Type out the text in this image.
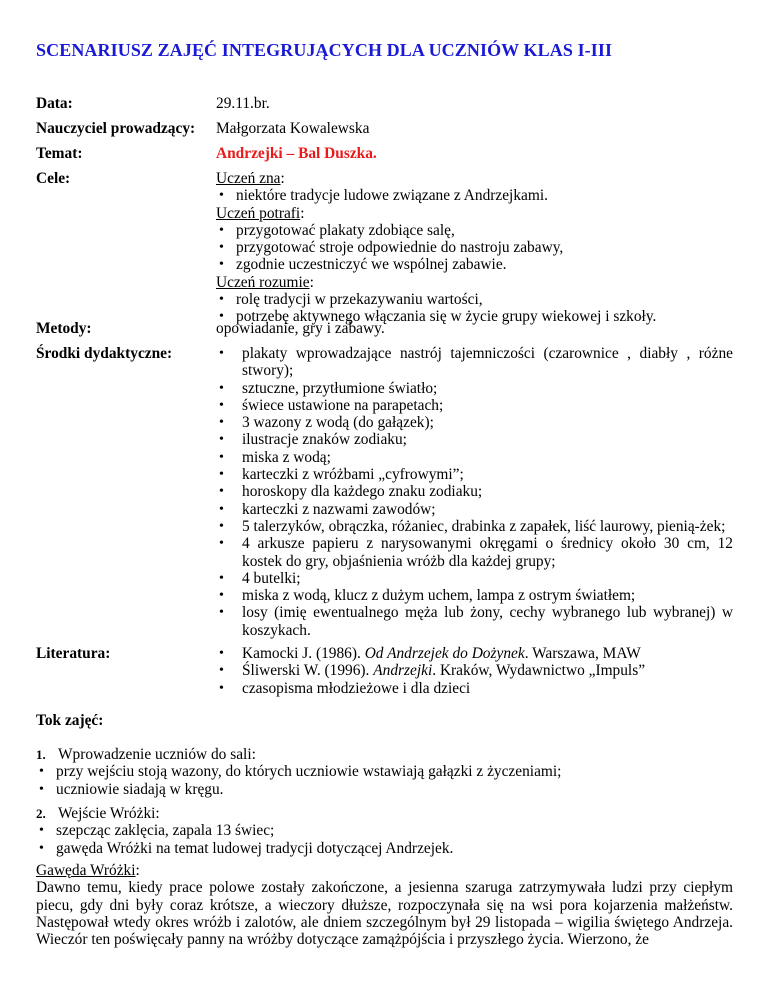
SCENARIUSZ ZAJĘĆ INTEGRUJĄCYCH DLA UCZNIÓW KLAS I-III
Data:	29.11.br.
Nauczyciel prowadzący:	Małgorzata Kowalewska
Temat:	Andrzejki – Bal Duszka.
Cele:	Uczeń zna:
• niektóre tradycje ludowe związane z Andrzejkami.
Uczeń potrafi:
• przygotować plakaty zdobiące salę,
• przygotować stroje odpowiednie do nastroju zabawy,
• zgodnie uczestniczyć we wspólnej zabawie.
Uczeń rozumie:
• rolę tradycji w przekazywaniu wartości,
• potrzebę aktywnego włączania się w życie grupy wiekowej i szkoły.
Metody:	opowiadanie, gry i zabawy.
Środki dydaktyczne:	• plakaty wprowadzające nastrój tajemniczości (czarownice , diabły , różne stwory);
• sztuczne, przytłumione światło;
• świece ustawione na parapetach;
• 3 wazony z wodą (do gałązek);
• ilustracje znaków zodiaku;
• miska z wodą;
• karteczki z wróżbami „cyfrowymi”;
• horoskopy dla każdego znaku zodiaku;
• karteczki z nazwami zawodów;
• 5 talerzyków, obrączka, różaniec, drabinka z zapałek, liść laurowy, pienią-żek;
• 4 arkusze papieru z narysowanymi okręgami o średnicy około 30 cm, 12 kostek do gry, objaśnienia wróżb dla każdej grupy;
• 4 butelki;
• miska z wodą, klucz z dużym uchem, lampa z ostrym światłem;
• losy (imię ewentualnego męża lub żony, cechy wybranego lub wybranej) w koszykach.
Literatura:	• Kamocki J. (1986). Od Andrzejek do Dożynek. Warszawa, MAW
• Śliwerski W. (1996). Andrzejki. Kraków, Wydawnictwo „Impuls”
• czasopisma młodzieżowe i dla dzieci
Tok zajęć:
1. Wprowadzenie uczniów do sali:
• przy wejściu stoją wazony, do których uczniowie wstawiają gałązki z życzeniami;
• uczniowie siadają w kręgu.
2. Wejście Wróżki:
• szepcząc zaklęcia, zapala 13 świec;
• gawęda Wróżki na temat ludowej tradycji dotyczącej Andrzejek.
Gawęda Wróżki:
Dawno temu, kiedy prace polowe zostały zakończone, a jesienna szaruga zatrzymywała ludzi przy ciepłym piecu, gdy dni były coraz krótsze, a wieczory dłuższe, rozpoczynała się na wsi pora kojarzenia małżeństw. Następował wtedy okres wróżb i zalotów, ale dniem szczególnym był 29 listopada – wigilia świętego Andrzeja. Wieczór ten poświęcały panny na wróżby dotyczące zamążpójścia i przyszłego życia. Wierzono, że
